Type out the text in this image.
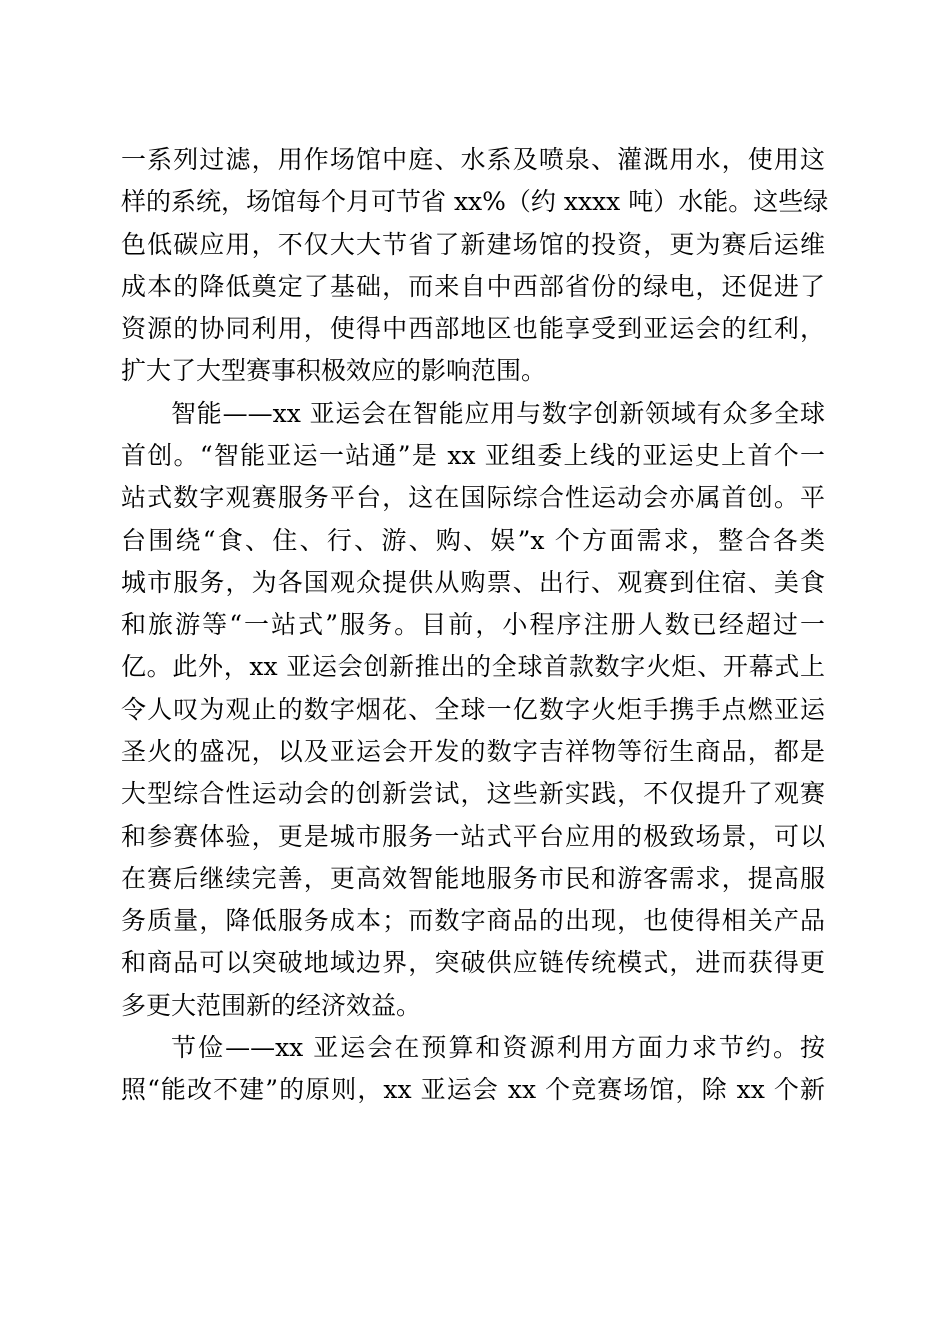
一系列过滤，用作场馆中庭、水系及喷泉、灌溉用水，使用这
样的系统，场馆每个月可节省 xx%（约 xxxx 吨）水能。这些绿
色低碳应用，不仅大大节省了新建场馆的投资，更为赛后运维
成本的降低奠定了基础，而来自中西部省份的绿电，还促进了
资源的协同利用，使得中西部地区也能享受到亚运会的红利，
扩大了大型赛事积极效应的影响范围。
智能——xx 亚运会在智能应用与数字创新领域有众多全球
首创。“智能亚运一站通”是 xx 亚组委上线的亚运史上首个一
站式数字观赛服务平台，这在国际综合性运动会亦属首创。平
台围绕“食、住、行、游、购、娱”x 个方面需求，整合各类
城市服务，为各国观众提供从购票、出行、观赛到住宿、美食
和旅游等“一站式”服务。目前，小程序注册人数已经超过一
亿。此外，xx 亚运会创新推出的全球首款数字火炬、开幕式上
令人叹为观止的数字烟花、全球一亿数字火炬手携手点燃亚运
圣火的盛况，以及亚运会开发的数字吉祥物等衍生商品，都是
大型综合性运动会的创新尝试，这些新实践，不仅提升了观赛
和参赛体验，更是城市服务一站式平台应用的极致场景，可以
在赛后继续完善，更高效智能地服务市民和游客需求，提高服
务质量，降低服务成本；而数字商品的出现，也使得相关产品
和商品可以突破地域边界，突破供应链传统模式，进而获得更
多更大范围新的经济效益。
节俭——xx 亚运会在预算和资源利用方面力求节约。按
照“能改不建”的原则，xx 亚运会 xx 个竞赛场馆，除 xx 个新
